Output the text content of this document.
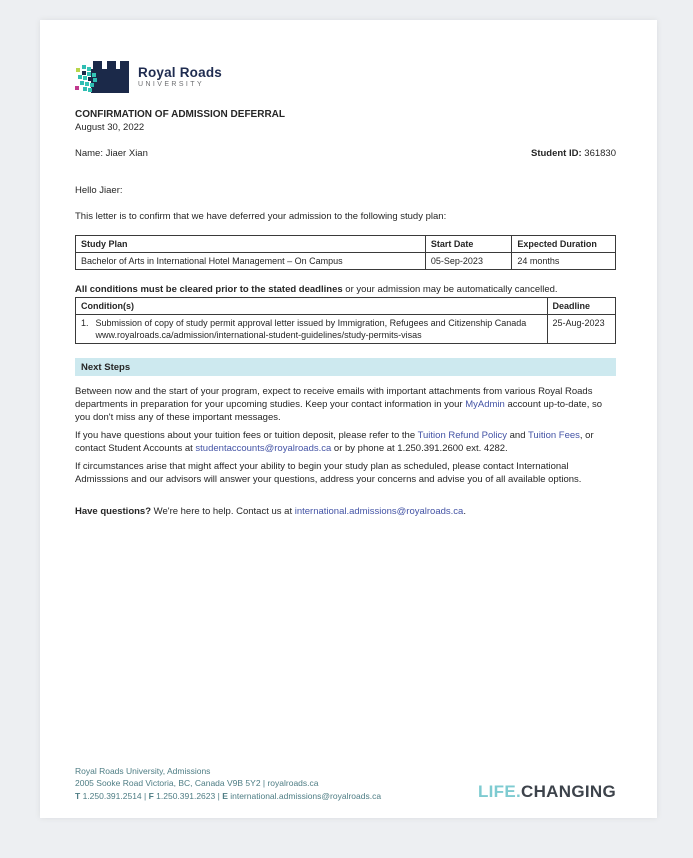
Royal Roads
UNIVERSITY
CONFIRMATION OF ADMISSION DEFERRAL
August 30, 2022
Name: Jiaer Xian	Student ID: 361830
Hello Jiaer:
This letter is to confirm that we have deferred your admission to the following study plan:
Study Plan	Start Date	Expected Duration
Bachelor of Arts in International Hotel Management – On Campus	05-Sep-2023	24 months
All conditions must be cleared prior to the stated deadlines or your admission may be automatically cancelled.
Condition(s)	Deadline

1. Submission of copy of study permit approval letter issued by Immigration, Refugees and Citizenship Canada
www.royalroads.ca/admission/international-student-guidelines/study-permits-visas	25-Aug-2023
Next Steps
Between now and the start of your program, expect to receive emails with important attachments from various Royal Roads departments in preparation for your upcoming studies. Keep your contact information in your MyAdmin account up-to-date, so you don't miss any of these important messages.
If you have questions about your tuition fees or tuition deposit, please refer to the Tuition Refund Policy and Tuition Fees, or contact Student Accounts at studentaccounts@royalroads.ca or by phone at 1.250.391.2600 ext. 4282.
If circumstances arise that might affect your ability to begin your study plan as scheduled, please contact International Admisssions and our advisors will answer your questions, address your concerns and advise you of all available options.
Have questions? We're here to help. Contact us at international.admissions@royalroads.ca.
Royal Roads University, Admissions
2005 Sooke Road Victoria, BC, Canada V9B 5Y2 | royalroads.ca
T 1.250.391.2514 | F 1.250.391.2623 | E international.admissions@royalroads.ca	LIFE.CHANGING
